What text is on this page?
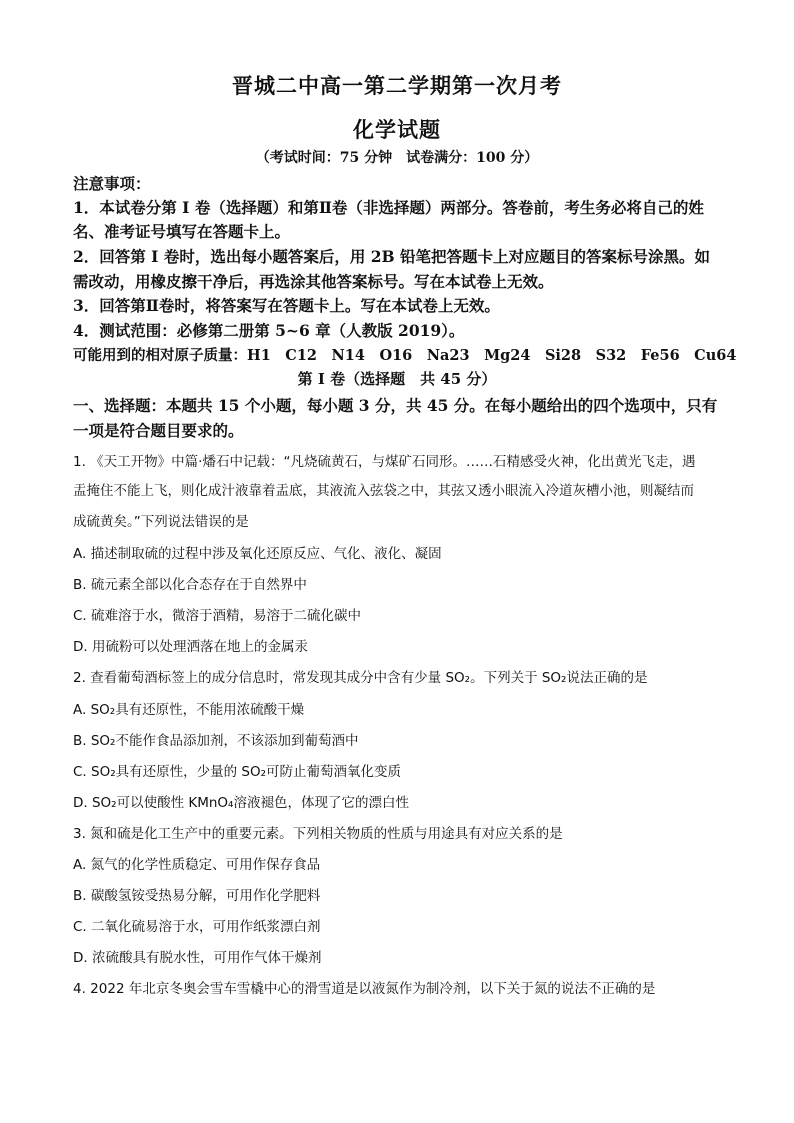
晋城二中高一第二学期第一次月考
化学试题
（考试时间：75 分钟　试卷满分：100 分）
注意事项：
1．本试卷分第 I 卷（选择题）和第Ⅱ卷（非选择题）两部分。答卷前，考生务必将自己的姓
名、准考证号填写在答题卡上。
2．回答第 I 卷时，选出每小题答案后，用 2B 铅笔把答题卡上对应题目的答案标号涂黑。如
需改动，用橡皮擦干净后，再选涂其他答案标号。写在本试卷上无效。
3．回答第Ⅱ卷时，将答案写在答题卡上。写在本试卷上无效。
4．测试范围：必修第二册第 5~6 章（人教版 2019）。
可能用到的相对原子质量：H1　C12　N14　O16　Na23　Mg24　Si28　S32　Fe56　Cu64
第 I 卷（选择题　共 45 分）
一、选择题：本题共 15 个小题，每小题 3 分，共 45 分。在每小题给出的四个选项中，只有
一项是符合题目要求的。
1. 《天工开物》中篇·燔石中记载：“凡烧硫黄石，与煤矿石同形。……石精感受火神，化出黄光飞走，遇
盂掩住不能上飞，则化成汁液靠着盂底，其液流入弦袋之中，其弦又透小眼流入冷道灰槽小池，则凝结而
成硫黄矣。”下列说法错误的是
A. 描述制取硫的过程中涉及氧化还原反应、气化、液化、凝固
B. 硫元素全部以化合态存在于自然界中
C. 硫难溶于水，微溶于酒精，易溶于二硫化碳中
D. 用硫粉可以处理洒落在地上的金属汞
2. 查看葡萄酒标签上的成分信息时，常发现其成分中含有少量 SO₂。下列关于 SO₂说法正确的是
A. SO₂具有还原性，不能用浓硫酸干燥
B. SO₂不能作食品添加剂，不该添加到葡萄酒中
C. SO₂具有还原性，少量的 SO₂可防止葡萄酒氧化变质
D. SO₂可以使酸性 KMnO₄溶液褪色，体现了它的漂白性
3. 氮和硫是化工生产中的重要元素。下列相关物质的性质与用途具有对应关系的是
A. 氮气的化学性质稳定、可用作保存食品
B. 碳酸氢铵受热易分解，可用作化学肥料
C. 二氧化硫易溶于水，可用作纸浆漂白剂
D. 浓硫酸具有脱水性，可用作气体干燥剂
4. 2022 年北京冬奥会雪车雪橇中心的滑雪道是以液氮作为制冷剂，以下关于氮的说法不正确的是
